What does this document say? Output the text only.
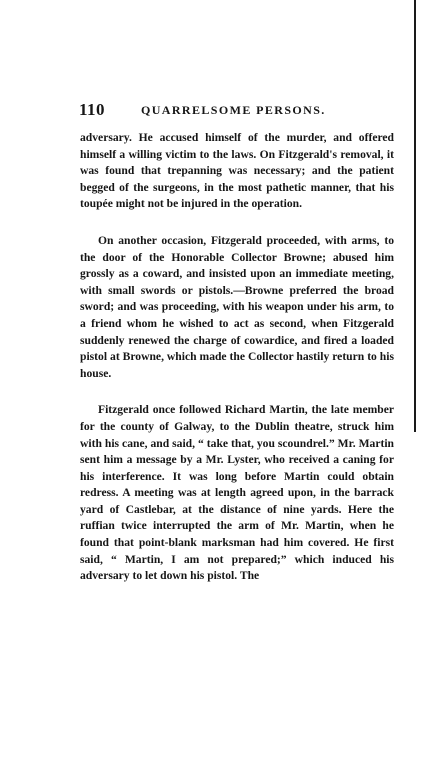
110	QUARRELSOME PERSONS.

adversary. He accused himself of the murder, and offered himself a willing victim to the laws. On Fitzgerald's removal, it was found that trepanning was necessary; and the patient begged of the surgeons, in the most pathetic manner, that his toupée might not be injured in the operation.

On another occasion, Fitzgerald proceeded, with arms, to the door of the Honorable Collector Browne; abused him grossly as a coward, and insisted upon an immediate meeting, with small swords or pistols.—Browne preferred the broad sword; and was proceeding, with his weapon under his arm, to a friend whom he wished to act as second, when Fitzgerald suddenly renewed the charge of cowardice, and fired a loaded pistol at Browne, which made the Collector hastily return to his house.

Fitzgerald once followed Richard Martin, the late member for the county of Galway, to the Dublin theatre, struck him with his cane, and said, “ take that, you scoundrel.” Mr. Martin sent him a message by a Mr. Lyster, who received a caning for his interference. It was long before Martin could obtain redress. A meeting was at length agreed upon, in the barrack yard of Castlebar, at the distance of nine yards. Here the ruffian twice interrupted the arm of Mr. Martin, when he found that point-blank marksman had him covered. He first said, “ Martin, I am not prepared;” which induced his adversary to let down his pistol. The
